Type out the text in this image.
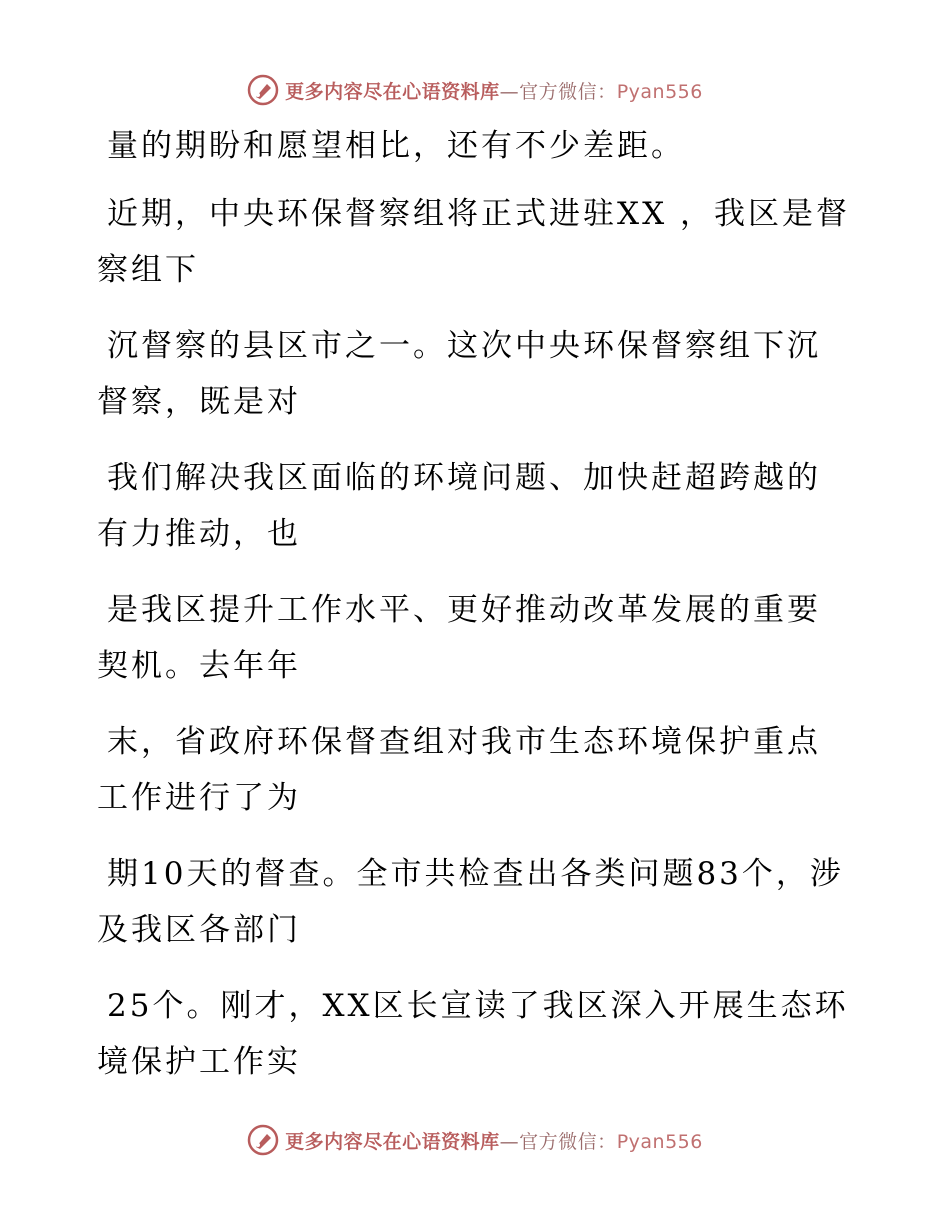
更多内容尽在心语资料库—官方微信：Pyan556
量的期盼和愿望相比，还有不少差距。
近期，中央环保督察组将正式进驻XX ，我区是督
察组下
沉督察的县区市之一。这次中央环保督察组下沉
督察，既是对
我们解决我区面临的环境问题、加快赶超跨越的
有力推动，也
是我区提升工作水平、更好推动改革发展的重要
契机。去年年
末，省政府环保督查组对我市生态环境保护重点
工作进行了为
期10天的督查。全市共检查出各类问题83个，涉
及我区各部门
25个。刚才，XX区长宣读了我区深入开展生态环
境保护工作实
更多内容尽在心语资料库—官方微信：Pyan556
